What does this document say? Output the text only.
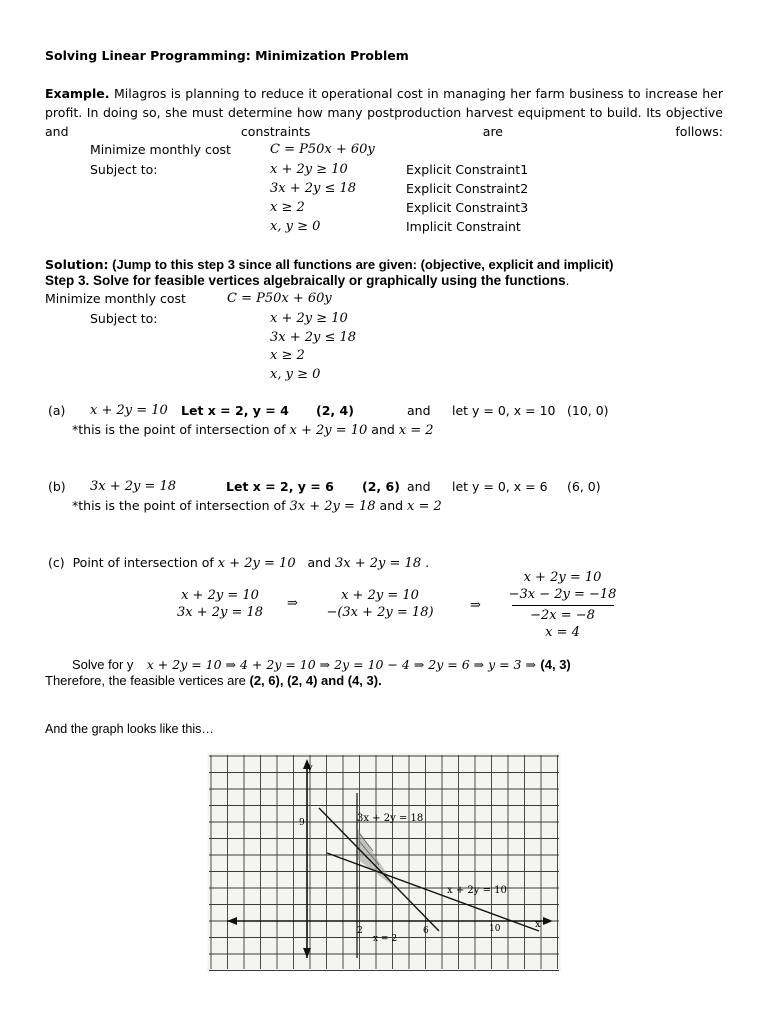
Solving Linear Programming: Minimization Problem
Example. Milagros is planning to reduce it operational cost in managing her farm business to increase her profit. In doing so, she must determine how many postproduction harvest equipment to build. Its objective and constraints are follows:
Minimize monthly cost	C = P50x + 60y
Subject to:	x + 2y ≥ 10	Explicit Constraint1
3x + 2y ≤ 18	Explicit Constraint2
x ≥ 2	Explicit Constraint3
x, y ≥ 0	Implicit Constraint
Solution: (Jump to this step 3 since all functions are given: (objective, explicit and implicit)
Step 3. Solve for feasible vertices algebraically or graphically using the functions.
Minimize monthly cost	C = P50x + 60y
Subject to:	x + 2y ≥ 10
3x + 2y ≤ 18
x ≥ 2
x, y ≥ 0
(a) x + 2y = 10 Let x = 2, y = 4 (2, 4)	and let y = 0, x = 10 (10, 0)
*this is the point of intersection of x + 2y = 10 and x = 2
(b) 3x + 2y = 18	Let x = 2, y = 6 (2, 6) and let y = 0, x = 6 (6, 0)
*this is the point of intersection of 3x + 2y = 18 and x = 2
(c) Point of intersection of x + 2y = 10 and 3x + 2y = 18 .
x + 2y = 10
3x + 2y = 18
⇒
x + 2y = 10
−(3x + 2y = 18)	⇒
x + 2y = 10
−3x − 2y = −18
−2x = −8
x = 4
Solve for y x + 2y = 10 ⇒ 4 + 2y = 10 ⇒ 2y = 10 − 4 ⇒ 2y = 6 ⇒ y = 3 ⇒ (4, 3)
Therefore, the feasible vertices are (2, 6), (2, 4) and (4, 3).
And the graph looks like this…
y
x
3x + 2y = 18
x + 2y = 10
9
2	6	10
x = 2
